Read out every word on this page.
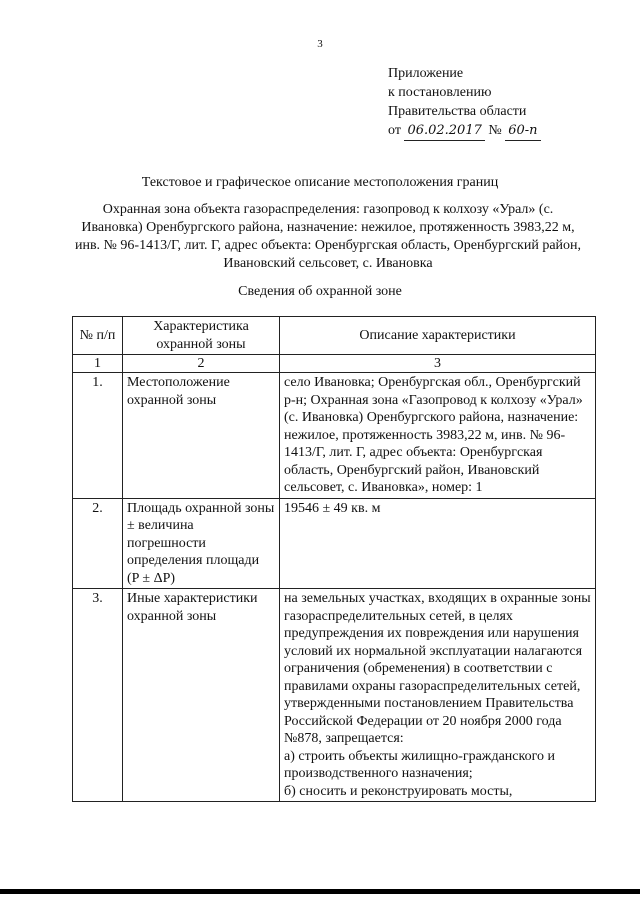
3
Приложение
к постановлению
Правительства области
от 06.02.2017 № 60-п
Текстовое и графическое описание местоположения границ
Охранная зона объекта газораспределения: газопровод к колхозу «Урал» (с. Ивановка) Оренбургского района, назначение: нежилое, протяженность 3983,22 м, инв. № 96-1413/Г, лит. Г, адрес объекта: Оренбургская область, Оренбургский район, Ивановский сельсовет, с. Ивановка
Сведения об охранной зоне
№ п/п	Характеристика охранной зоны	Описание характеристики
1	2	3
1.	Местоположение охранной зоны	село Ивановка; Оренбургская обл., Оренбургский р-н; Охранная зона «Газопровод к колхозу «Урал» (с. Ивановка) Оренбургского района, назначение: нежилое, протяженность 3983,22 м, инв. № 96-1413/Г, лит. Г, адрес объекта: Оренбургская область, Оренбургский район, Ивановский сельсовет, с. Ивановка», номер: 1
2.	Площадь охранной зоны ± величина погрешности определения площади (P ± ΔP)	19546 ± 49 кв. м
3.	Иные характеристики охранной зоны	на земельных участках, входящих в охранные зоны газораспределительных сетей, в целях предупреждения их повреждения или нарушения условий их нормальной эксплуатации налагаются ограничения (обременения) в соответствии с правилами охраны газораспределительных сетей, утвержденными постановлением Правительства Российской Федерации от 20 ноября 2000 года №878, запрещается:
а) строить объекты жилищно-гражданского и производственного назначения;
б) сносить и реконструировать мосты,
